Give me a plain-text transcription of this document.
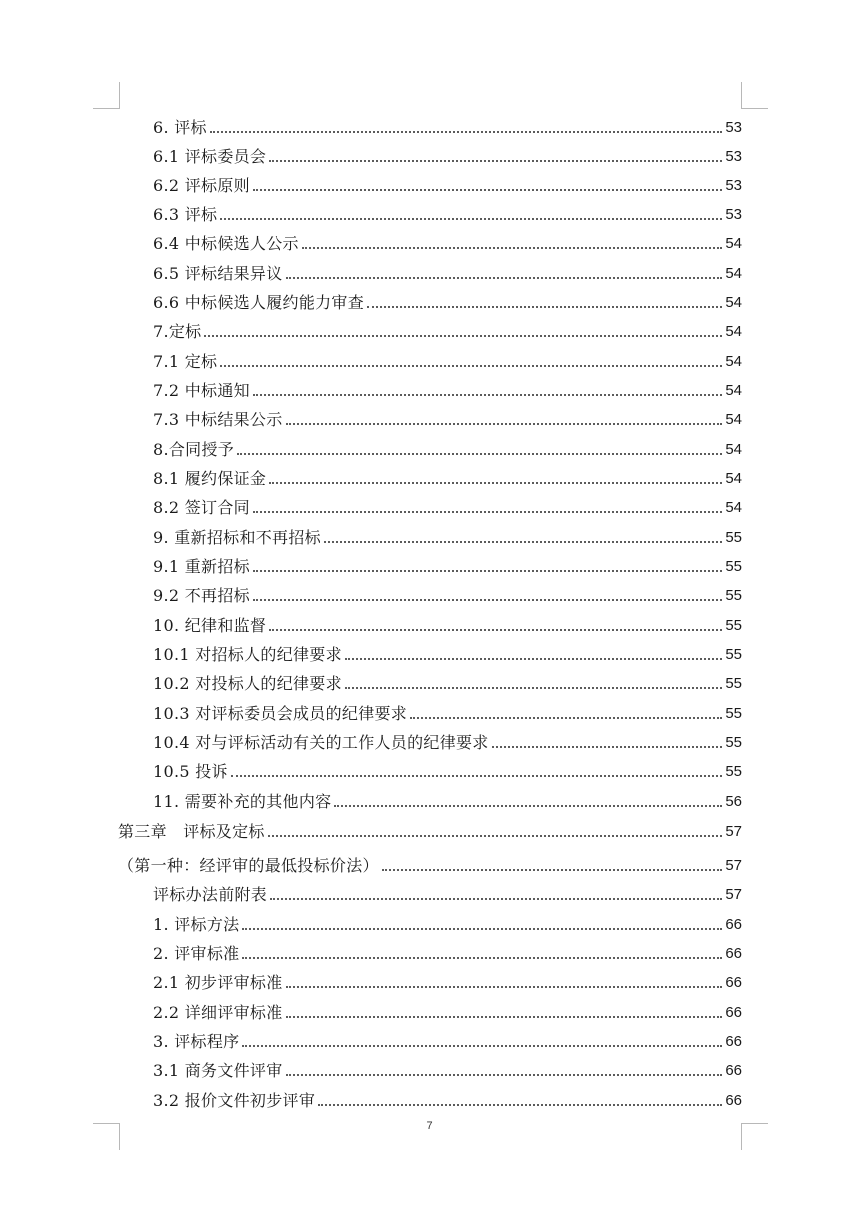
6. 评标	53
6.1 评标委员会	53
6.2 评标原则	53
6.3 评标	53
6.4 中标候选人公示	54
6.5 评标结果异议	54
6.6 中标候选人履约能力审查	54
7.定标	54
7.1 定标	54
7.2 中标通知	54
7.3 中标结果公示	54
8.合同授予	54
8.1 履约保证金	54
8.2 签订合同	54
9. 重新招标和不再招标	55
9.1 重新招标	55
9.2 不再招标	55
10. 纪律和监督	55
10.1 对招标人的纪律要求	55
10.2 对投标人的纪律要求	55
10.3 对评标委员会成员的纪律要求	55
10.4 对与评标活动有关的工作人员的纪律要求	55
10.5 投诉	55
11. 需要补充的其他内容	56
第三章　评标及定标	57
（第一种：经评审的最低投标价法）	57
评标办法前附表	57
1. 评标方法	66
2. 评审标准	66
2.1 初步评审标准	66
2.2 详细评审标准	66
3. 评标程序	66
3.1 商务文件评审	66
3.2 报价文件初步评审	66
7
